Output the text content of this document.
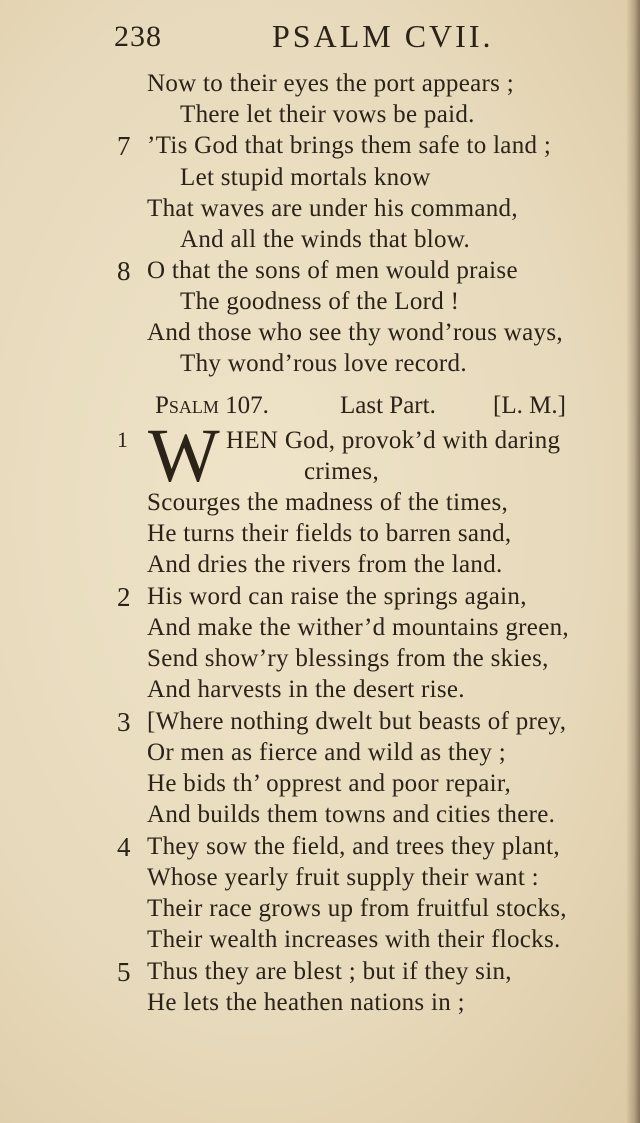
238	PSALM CVII.
Now to their eyes the port appears ;
There let their vows be paid.
7 ’Tis God that brings them safe to land ;
Let stupid mortals know
That waves are under his command,
And all the winds that blow.
8 O that the sons of men would praise
The goodness of the Lord !
And those who see thy wond’rous ways,
Thy wond’rous love record.
Psalm 107.	Last Part. [L. M.]
1 W HEN God, provok’d with daring
crimes,
Scourges the madness of the times,
He turns their fields to barren sand,
And dries the rivers from the land.
2 His word can raise the springs again,
And make the wither’d mountains green,
Send show’ry blessings from the skies,
And harvests in the desert rise.
3 [Where nothing dwelt but beasts of prey,
Or men as fierce and wild as they ;
He bids th’ opprest and poor repair,
And builds them towns and cities there.
4 They sow the field, and trees they plant,
Whose yearly fruit supply their want :
Their race grows up from fruitful stocks,
Their wealth increases with their flocks.
5 Thus they are blest ; but if they sin,
He lets the heathen nations in ;
